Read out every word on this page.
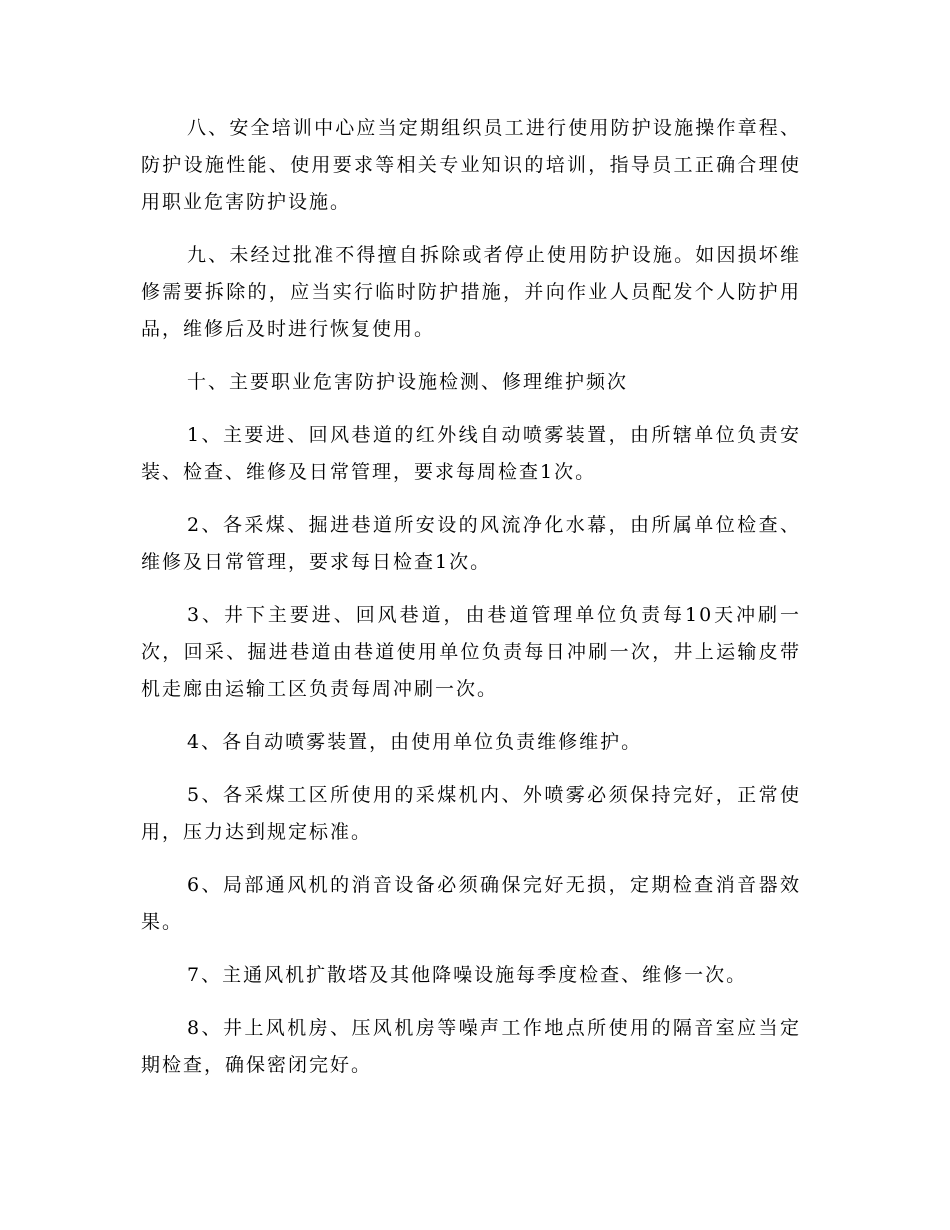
八、安全培训中心应当定期组织员工进行使用防护设施操作章程、防护设施性能、使用要求等相关专业知识的培训，指导员工正确合理使用职业危害防护设施。

九、未经过批准不得擅自拆除或者停止使用防护设施。如因损坏维修需要拆除的，应当实行临时防护措施，并向作业人员配发个人防护用品，维修后及时进行恢复使用。

十、主要职业危害防护设施检测、修理维护频次

1、主要进、回风巷道的红外线自动喷雾装置，由所辖单位负责安装、检查、维修及日常管理，要求每周检查1次。

2、各采煤、掘进巷道所安设的风流净化水幕，由所属单位检查、维修及日常管理，要求每日检查1次。

3、井下主要进、回风巷道，由巷道管理单位负责每10天冲刷一次，回采、掘进巷道由巷道使用单位负责每日冲刷一次，井上运输皮带机走廊由运输工区负责每周冲刷一次。

4、各自动喷雾装置，由使用单位负责维修维护。

5、各采煤工区所使用的采煤机内、外喷雾必须保持完好，正常使用，压力达到规定标准。

6、局部通风机的消音设备必须确保完好无损，定期检查消音器效果。

7、主通风机扩散塔及其他降噪设施每季度检查、维修一次。

8、井上风机房、压风机房等噪声工作地点所使用的隔音室应当定期检查，确保密闭完好。
